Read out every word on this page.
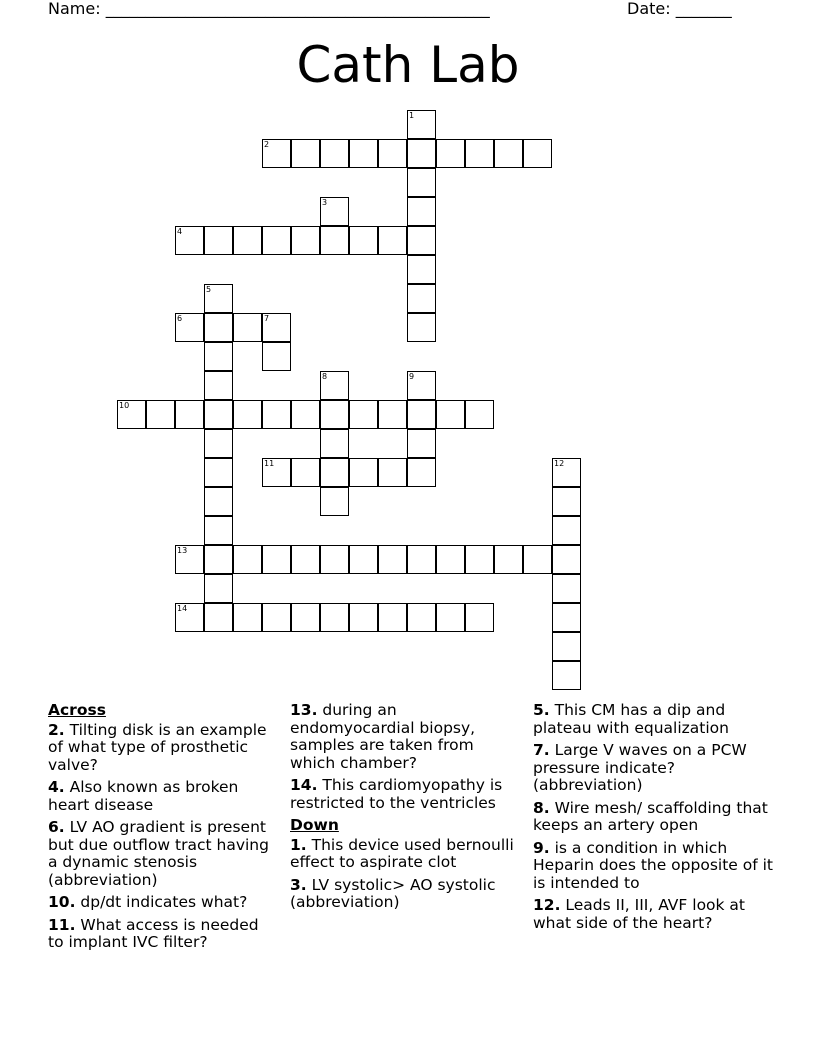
Name: ________________________________________________	Date: _______
Cath Lab
1
2
3
4
5
6	7
8	9
10
11	12
13
14
Across
2. Tilting disk is an example of what type of prosthetic valve?
4. Also known as broken heart disease
6. LV AO gradient is present but due outflow tract having a dynamic stenosis (abbreviation)
10. dp/dt indicates what?
11. What access is needed to implant IVC filter?
13. during an endomyocardial biopsy, samples are taken from which chamber?
14. This cardiomyopathy is restricted to the ventricles
Down
1. This device used bernoulli effect to aspirate clot
3. LV systolic> AO systolic (abbreviation)
5. This CM has a dip and plateau with equalization
7. Large V waves on a PCW pressure indicate? (abbreviation)
8. Wire mesh/ scaffolding that keeps an artery open
9. is a condition in which Heparin does the opposite of it is intended to
12. Leads II, III, AVF look at what side of the heart?
